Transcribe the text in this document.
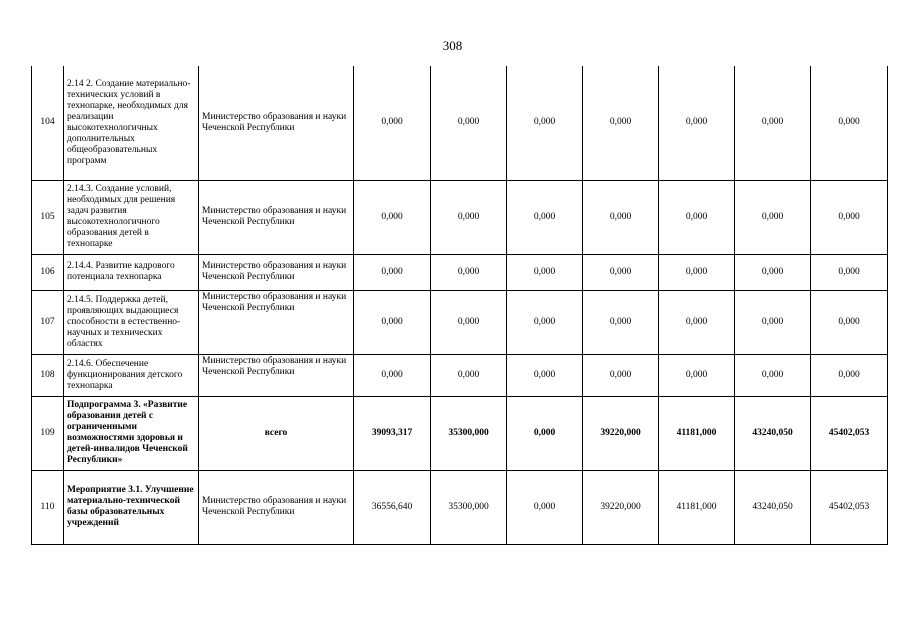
308
104	2.14 2. Создание материально-технических условий в технопарке, необходимых для реализации высокотехнологичных дополнительных общеобразовательных программ	Министерство образования и науки Чеченской Республики	0,000	0,000	0,000	0,000	0,000	0,000	0,000
105	2.14.3. Создание условий, необходимых для решения задач развития высокотехнологичного образования детей в технопарке	Министерство образования и науки Чеченской Республики	0,000	0,000	0,000	0,000	0,000	0,000	0,000
106	2.14.4. Развитие кадрового потенциала технопарка	Министерство образования и науки Чеченской Республики	0,000	0,000	0,000	0,000	0,000	0,000	0,000
107	2.14.5. Поддержка детей, проявляющих выдающиеся способности в естественно-научных и технических областях	Министерство образования и науки Чеченской Республики	0,000	0,000	0,000	0,000	0,000	0,000	0,000
108	2.14.6. Обеспечение функционирования детского технопарка	Министерство образования и науки Чеченской Республики	0,000	0,000	0,000	0,000	0,000	0,000	0,000
109	Подпрограмма 3. «Развитие образования детей с ограниченными возможностями здоровья и детей-инвалидов Чеченской Республики»	всего	39093,317	35300,000	0,000	39220,000	41181,000	43240,050	45402,053
110	Мероприятие 3.1. Улучшение материально-технической базы образовательных учреждений	Министерство образования и науки Чеченской Республики	36556,640	35300,000	0,000	39220,000	41181,000	43240,050	45402,053
